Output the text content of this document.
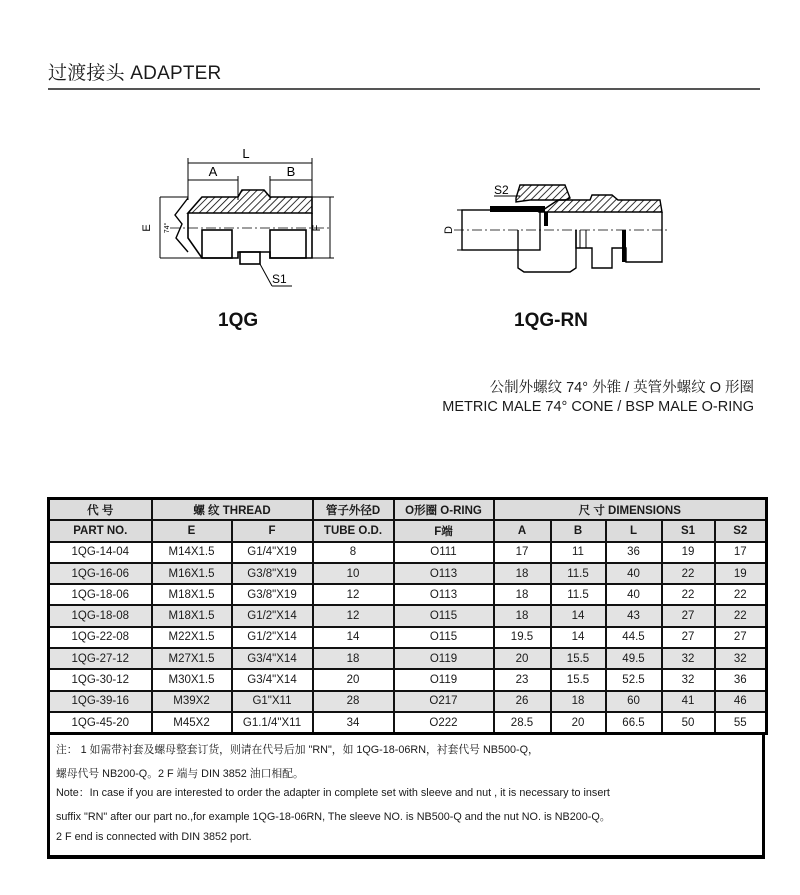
过渡接头 ADAPTER
L
A	B
E 74°	F
S1
1QG
D
S2
1QG-RN
公制外螺纹 74° 外锥 / 英管外螺纹 O 形圈
METRIC MALE 74° CONE / BSP MALE O-RING
代 号	螺 纹 THREAD		管子外径D	O形圈 O-RING	尺 寸 DIMENSIONS				
PART NO.	E	F	TUBE O.D.	F端	A	B	L	S1	S2
1QG-14-04	M14X1.5	G1/4"X19	8	O111	17	11	36	19	17
1QG-16-06	M16X1.5	G3/8"X19	10	O113	18	11.5	40	22	19
1QG-18-06	M18X1.5	G3/8"X19	12	O113	18	11.5	40	22	22
1QG-18-08	M18X1.5	G1/2"X14	12	O115	18	14	43	27	22
1QG-22-08	M22X1.5	G1/2"X14	14	O115	19.5	14	44.5	27	27
1QG-27-12	M27X1.5	G3/4"X14	18	O119	20	15.5	49.5	32	32
1QG-30-12	M30X1.5	G3/4"X14	20	O119	23	15.5	52.5	32	36
1QG-39-16	M39X2	G1"X11	28	O217	26	18	60	41	46
1QG-45-20	M45X2	G1.1/4"X11	34	O222	28.5	20	66.5	50	55
注： 1 如需带衬套及螺母整套订货，则请在代号后加 "RN"，如 1QG-18-06RN，衬套代号 NB500-Q，
螺母代号 NB200-Q。2 F 端与 DIN 3852 油口相配。
Note：In case if you are interested to order the adapter in complete set with sleeve and nut , it is necessary to insert
suffix "RN" after our part no.,for example 1QG-18-06RN, The sleeve NO. is NB500-Q and the nut NO. is NB200-Q。
2 F end is connected with DIN 3852 port.
